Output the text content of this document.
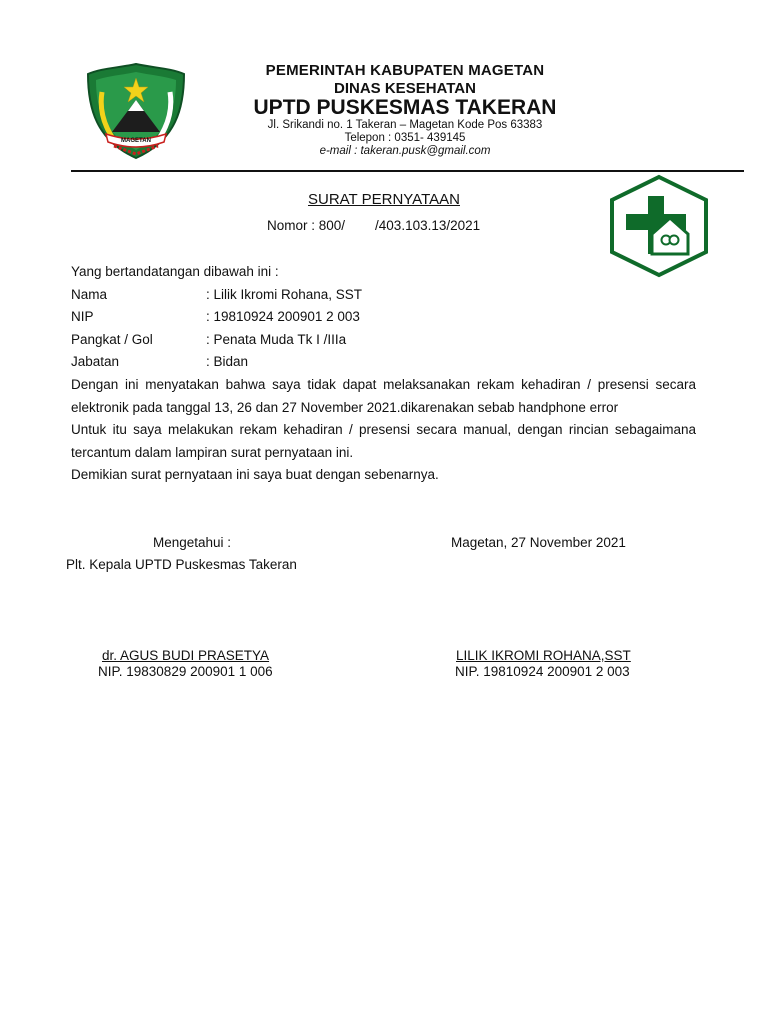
MAGETAN
PEMERINTAH KABUPATEN MAGETAN
DINAS KESEHATAN
UPTD PUSKESMAS TAKERAN
Jl. Srikandi no. 1 Takeran – Magetan Kode Pos 63383
Telepon : 0351- 439145
e-mail : takeran.pusk@gmail.com
SURAT PERNYATAAN
Nomor : 800/        /403.103.13/2021
Yang bertandatangan dibawah ini :
Nama	: Lilik Ikromi Rohana, SST
NIP	: 19810924 200901 2 003
Pangkat / Gol	: Penata Muda Tk I /IIIa
Jabatan	: Bidan
Dengan ini menyatakan bahwa saya tidak dapat melaksanakan rekam kehadiran / presensi secara elektronik pada tanggal 13, 26 dan 27 November 2021.dikarenakan sebab handphone error
Untuk itu saya melakukan rekam kehadiran / presensi secara manual, dengan rincian sebagaimana tercantum dalam lampiran surat pernyataan ini.
Demikian surat pernyataan ini saya buat dengan sebenarnya.
Mengetahui :	Magetan, 27 November 2021
Plt. Kepala UPTD Puskesmas Takeran
dr. AGUS BUDI PRASETYA
NIP. 19830829 200901 1 006
LILIK IKROMI ROHANA,SST
NIP. 19810924 200901 2 003
